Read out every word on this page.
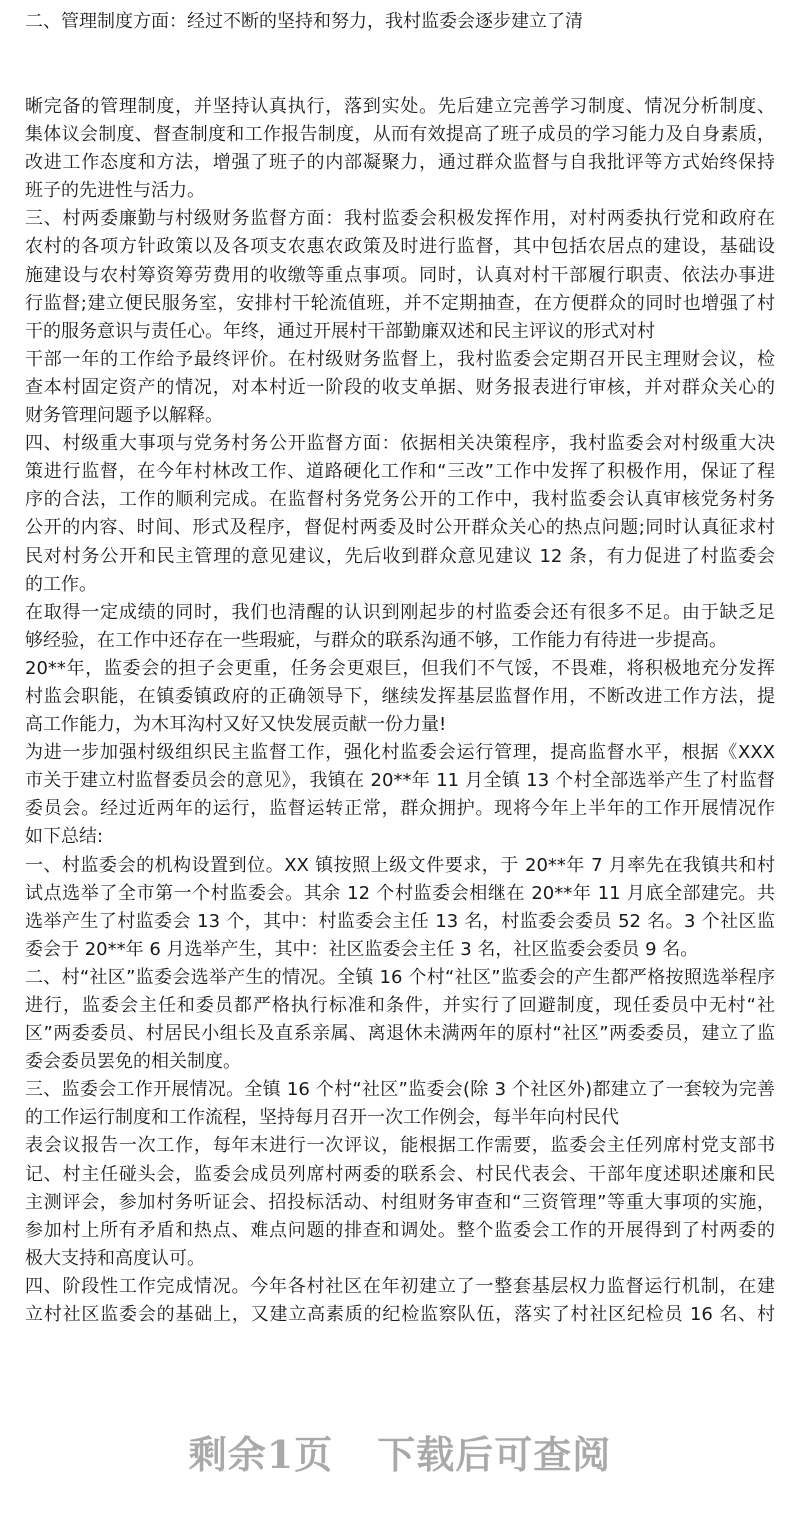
二、管理制度方面：经过不断的坚持和努力，我村监委会逐步建立了清
晰完备的管理制度，并坚持认真执行，落到实处。先后建立完善学习制度、情况分析制度、
集体议会制度、督查制度和工作报告制度，从而有效提高了班子成员的学习能力及自身素质，
改进工作态度和方法，增强了班子的内部凝聚力，通过群众监督与自我批评等方式始终保持
班子的先进性与活力。
三、村两委廉勤与村级财务监督方面：我村监委会积极发挥作用，对村两委执行党和政府在
农村的各项方针政策以及各项支农惠农政策及时进行监督，其中包括农居点的建设，基础设
施建设与农村筹资筹劳费用的收缴等重点事项。同时，认真对村干部履行职责、依法办事进
行监督;建立便民服务室，安排村干轮流值班，并不定期抽查，在方便群众的同时也增强了村
干的服务意识与责任心。年终，通过开展村干部勤廉双述和民主评议的形式对村
干部一年的工作给予最终评价。在村级财务监督上，我村监委会定期召开民主理财会议，检
查本村固定资产的情况，对本村近一阶段的收支单据、财务报表进行审核，并对群众关心的
财务管理问题予以解释。
四、村级重大事项与党务村务公开监督方面：依据相关决策程序，我村监委会对村级重大决
策进行监督，在今年村林改工作、道路硬化工作和“三改”工作中发挥了积极作用，保证了程
序的合法，工作的顺利完成。在监督村务党务公开的工作中，我村监委会认真审核党务村务
公开的内容、时间、形式及程序，督促村两委及时公开群众关心的热点问题;同时认真征求村
民对村务公开和民主管理的意见建议，先后收到群众意见建议 12 条，有力促进了村监委会
的工作。
在取得一定成绩的同时，我们也清醒的认识到刚起步的村监委会还有很多不足。由于缺乏足
够经验，在工作中还存在一些瑕疵，与群众的联系沟通不够，工作能力有待进一步提高。
20**年，监委会的担子会更重，任务会更艰巨，但我们不气馁，不畏难，将积极地充分发挥
村监会职能，在镇委镇政府的正确领导下，继续发挥基层监督作用，不断改进工作方法，提
高工作能力，为木耳沟村又好又快发展贡献一份力量!
为进一步加强村级组织民主监督工作，强化村监委会运行管理，提高监督水平，根据《XXX
市关于建立村监督委员会的意见》，我镇在 20**年 11 月全镇 13 个村全部选举产生了村监督
委员会。经过近两年的运行，监督运转正常，群众拥护。现将今年上半年的工作开展情况作
如下总结:
一、村监委会的机构设置到位。XX 镇按照上级文件要求，于 20**年 7 月率先在我镇共和村
试点选举了全市第一个村监委会。其余 12 个村监委会相继在 20**年 11 月底全部建完。共
选举产生了村监委会 13 个，其中：村监委会主任 13 名，村监委会委员 52 名。3 个社区监
委会于 20**年 6 月选举产生，其中：社区监委会主任 3 名，社区监委会委员 9 名。
二、村“社区”监委会选举产生的情况。全镇 16 个村“社区”监委会的产生都严格按照选举程序
进行，监委会主任和委员都严格执行标准和条件，并实行了回避制度，现任委员中无村“社
区”两委委员、村居民小组长及直系亲属、离退休未满两年的原村“社区”两委委员，建立了监
委会委员罢免的相关制度。
三、监委会工作开展情况。全镇 16 个村“社区”监委会(除 3 个社区外)都建立了一套较为完善
的工作运行制度和工作流程，坚持每月召开一次工作例会，每半年向村民代
表会议报告一次工作，每年末进行一次评议，能根据工作需要，监委会主任列席村党支部书
记、村主任碰头会，监委会成员列席村两委的联系会、村民代表会、干部年度述职述廉和民
主测评会，参加村务听证会、招投标活动、村组财务审查和“三资管理”等重大事项的实施，
参加村上所有矛盾和热点、难点问题的排查和调处。整个监委会工作的开展得到了村两委的
极大支持和高度认可。
四、阶段性工作完成情况。今年各村社区在年初建立了一整套基层权力监督运行机制，在建
立村社区监委会的基础上，又建立高素质的纪检监察队伍，落实了村社区纪检员 16 名、村
剩余1页 下载后可查阅
